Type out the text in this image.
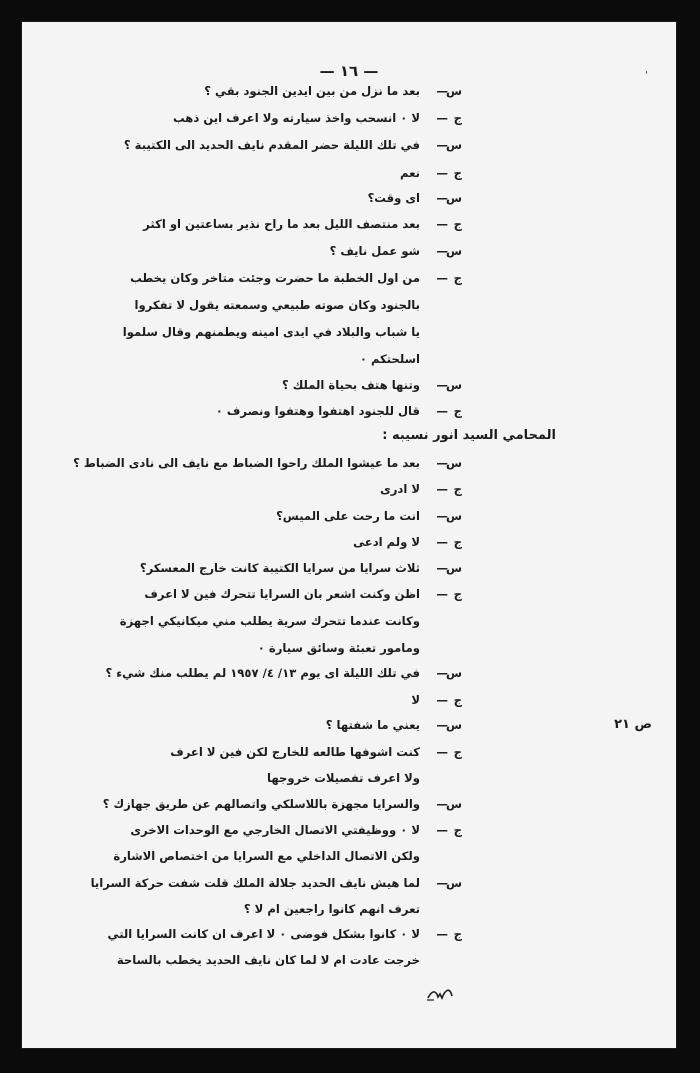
— ١٦ —	'
المحامي السيد انور نسيبه :
ص ٢١
س
—
بعد ما نزل من بين ايدين الجنود بقي ؟
ج
—
لا ٠ انسحب واخذ سيارته ولا اعرف اين ذهب
س
—
في تلك الليلة حضر المقدم نايف الحديد الى الكتيبة ؟
ج
—
نعم
س
—
اى وقت؟
ج
—
بعد منتصف الليل بعد ما راح نذير بساعتين او اكثر
س
—
شو عمل نايف ؟
ج
—
من اول الخطبة ما حضرت وجئت متاخر وكان يخطب
بالجنود وكان صوته طبيعي وسمعته يقول لا تفكروا
يا شباب والبلاد في ايدى امينه ويطمنهم وقال سلموا
اسلحتكم ٠
س
—
وتنها هتف بحياة الملك ؟
ج
—
قال للجنود اهتفوا وهتفوا ونصرف ٠
س
—
بعد ما عيشوا الملك راحوا الضباط مع نايف الى نادى الضباط ؟
ج
—
لا ادرى
س
—
انت ما رحت على الميس؟
ج
—
لا ولم ادعى
س
—
ثلاث سرايا من سرايا الكتيبة كانت خارج المعسكر؟
ج
—
اظن وكنت اشعر بان السرايا تتحرك فين لا اعرف
وكانت عندما تتحرك سرية يطلب مني ميكانيكي اجهزة
ومامور تعبئة وسائق سيارة ٠
س
—
في تلك الليلة اى يوم ١٣/ ٤/ ١٩٥٧ لم يطلب منك شيء ؟
ج
—
لا
س
—
يعني ما شفتها ؟
ج
—
كنت اشوفها طالعه للخارج لكن فين لا اعرف
ولا اعرف تفصيلات خروجها
س
—
والسرايا مجهزة باللاسلكي واتصالهم عن طريق جهازك ؟
ج
—
لا ٠ ووظيفتي الاتصال الخارجي مع الوحدات الاخرى
ولكن الاتصال الداخلي مع السرايا من اختصاص الاشارة
س
—
لما هيش نايف الحديد جلالة الملك قلت شفت حركة السرايا
تعرف انهم كانوا راجعين ام لا ؟
ج
—
لا ٠ كانوا بشكل فوضى ٠ لا اعرف ان كانت السرايا التي
خرجت عادت ام لا لما كان نايف الحديد يخطب بالساحة
